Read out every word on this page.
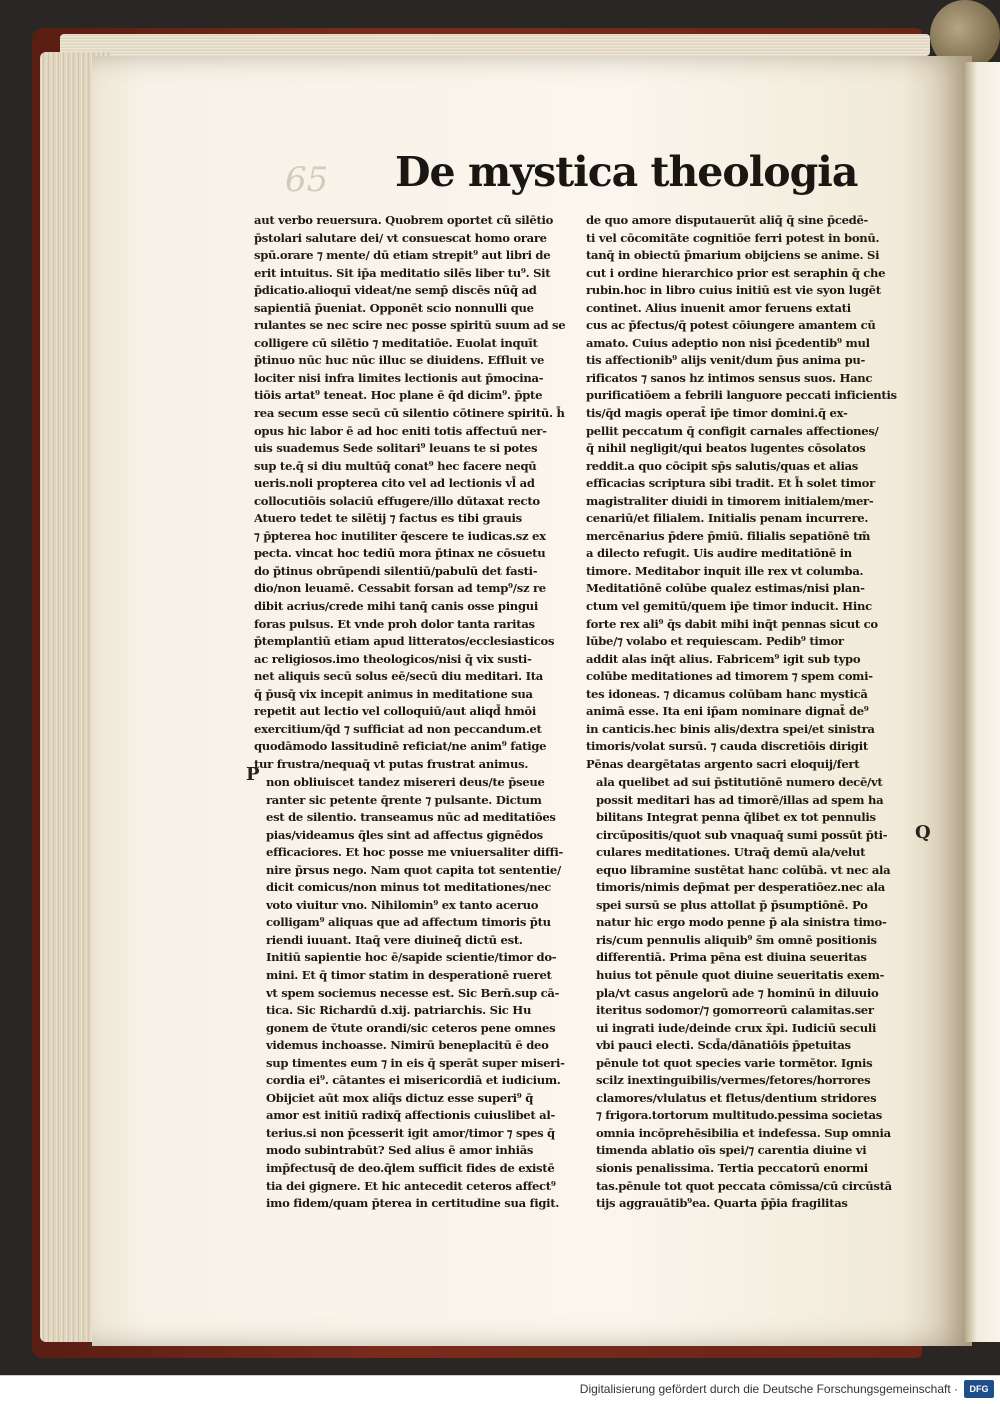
65 De mystica theologia
aut verbo reuersura. Quobrem oportet cũ silētio
p̄stolari salutare dei/ vt consuescat homo orare
spū.orare ⁊ mente/ dū etiam strepit⁹ aut libri de
erit intuitus. Sit ip̄a meditatio silēs liber tu⁹. Sit
p̄dicatio.alioquī videat/ne semp̄ discēs nūq̄ ad
sapientiā p̄ueniat. Opponēt scio nonnulli que
rulantes se nec scire nec posse spiritū suum ad se
colligere cū silētio ⁊ meditatiōe. Euolat inquīt
p̄tinuo nūc huc nūc illuc se diuidens. Effluit ve
lociter nisi infra limites lectionis aut p̄mocina-
tiōis artat⁹ teneat. Hoc plane ē q̄d dicim⁹. p̄pte
rea secum esse secū cū silentio cōtinere spiritū. h̄
opus hic labor ē ad hoc eniti totis affectuū ner-
uis suademus Sede solitari⁹ leuans te si potes
sup te.q̄ si diu multūq̄ conat⁹ hec facere neqū
ueris.noli propterea cito vel ad lectionis vl̄ ad
collocutiōis solaciū effugere/illo dūtaxat recto
Atuero tedet te silētij ⁊ factus es tibi grauis
⁊ p̄pterea hoc inutiliter q̄escere te iudicas.sz ex
pecta. vincat hoc tediū mora p̄tinax ne cōsuetu
do p̄tinus obrūpendi silentiū/pabulū det fasti-
dio/non leuamē. Cessabit forsan ad temp⁹/sz re
dibit acrius/crede mihi tanq̄ canis osse pingui
foras pulsus. Et vnde proh dolor tanta raritas
p̄templantiū etiam apud litteratos/ecclesiasticos
ac religiosos.imo theologicos/nisi q̄ vix susti-
net aliquis secū solus eē/secū diu meditari. Ita
q̄ p̄usq̄ vix incepit animus in meditatione sua
repetit aut lectio vel colloquiū/aut aliqd̄ hmōi
exercitium/q̄d ⁊ sufficiat ad non peccandum.et
quodāmodo lassitudinē reficiat/ne anim⁹ fatige
tur frustra/nequaq̄ vt putas frustrat animus.
de quo amore disputauerūt aliq̄ q̄ sine p̄cedē-
ti vel cōcomitāte cognitiōe ferri potest in bonū.
tanq̄ in obiectū p̄marium obijciens se anime. Si
cut i ordine hierarchico prior est seraphin q̄ che
rubin.hoc in libro cuius initiū est vie syon lugēt
continet. Alius inuenit amor feruens extati
cus ac p̄fectus/q̄ potest cōiungere amantem cū
amato. Cuius adeptio non nisi p̄cedentib⁹ mul
tis affectionib⁹ alijs venit/dum p̄us anima pu-
rificatos ⁊ sanos hz intimos sensus suos. Hanc
purificatiōem a febrili languore peccati inficientis
tis/q̄d magis operat̄ ip̄e timor domini.q̄ ex-
pellit peccatum q̄ configit carnales affectiones/
q̄ nihil negligit/qui beatos lugentes cōsolatos
reddit.a quo cōcipit sp̄s salutis/quas et alias
efficacias scriptura sibi tradit. Et h̄ solet timor
magistraliter diuidi in timorem initialem/mer-
cenariū/et filialem. Initialis penam incurrere.
mercēnarius p̄dere p̄miū. filialis sepatiōnē tm̄
a dilecto refugit. Uis audire meditatiōnē in
timore. Meditabor inquit ille rex vt columba.
Meditatiōnē colūbe qualez estimas/nisi plan-
ctum vel gemitū/quem ip̄e timor inducit. Hinc
forte rex ali⁹ q̄s dabit mihi inq̄t pennas sicut co
lūbe/⁊ volabo et requiescam. Pedib⁹ timor
addit alas inq̄t alius. Fabricem⁹ igit sub typo
colūbe meditationes ad timorem ⁊ spem comi-
tes idoneas. ⁊ dicamus colūbam hanc mysticā
animā esse. Ita eni ip̄am nominare dignat̄ de⁹
in canticis.hec binis alis/dextra spei/et sinistra
timoris/volat sursū. ⁊ cauda discretiōis dirigit
Pēnas deargētatas argento sacri eloquij/fert
non obliuiscet tandez misereri deus/te p̄seue
ranter sic petente q̄rente ⁊ pulsante. Dictum
est de silentio. transeamus nūc ad meditatiōes
pias/videamus q̄les sint ad affectus gignēdos
efficaciores. Et hoc posse me vniuersaliter diffi-
nire p̄rsus nego. Nam quot capita tot sententie/
dicit comicus/non minus tot meditationes/nec
voto viuitur vno. Nihilomin⁹ ex tanto aceruo
colligam⁹ aliquas que ad affectum timoris p̄tu
riendi iuuant. Itaq̄ vere diuineq̄ dictū est.
Initiū sapientie hoc ē/sapide scientie/timor do-
mini. Et q̄ timor statim in desperationē rueret
vt spem sociemus necesse est. Sic Bern̄.sup cā-
tica. Sic Richardū d.xij. patriarchis. Sic Hu
gonem de v̄tute orandi/sic ceteros pene omnes
videmus inchoasse. Nimirū beneplacitū ē deo
sup timentes eum ⁊ in eis q̄ sperāt super miseri-
cordia ei⁹. cātantes ei misericordiā et iudicium.
Obijciet aūt mox aliq̄s dictuz esse superi⁹ q̄
amor est initiū radixq̄ affectionis cuiuslibet al-
terius.si non p̄cesserit igit amor/timor ⁊ spes q̄
modo subintrabūt? Sed alius ē amor inhiās
imp̄fectusq̄ de deo.q̄lem sufficit fides de existē
tia dei gignere. Et hic antecedit ceteros affect⁹
imo fidem/quam p̄terea in certitudine sua figit.
ala quelibet ad sui p̄stitutiōnē numero decē/vt
possit meditari has ad timorē/illas ad spem ha
bilitans Integrat penna q̄libet ex tot pennulis
circūpositis/quot sub vnaquaq̄ sumi possūt p̄ti-
culares meditationes. Utraq̄ demū ala/velut
equo libramine sustētat hanc colūbā. vt nec ala
timoris/nimis dep̄mat per desperatiōez.nec ala
spei sursū se plus attollat p̄ p̄sumptiōnē. Po
natur hic ergo modo penne p̄ ala sinistra timo-
ris/cum pennulis aliquib⁹ s̄m omnē positionis
differentiā. Prima pēna est diuina seueritas
huius tot pēnule quot diuine seueritatis exem-
pla/vt casus angelorū ade ⁊ hominū in diluuio
iteritus sodomor/⁊ gomorreorū calamitas.ser
ui ingrati iude/deinde crux x̄pi. Iudiciū seculi
vbi pauci electi. Scd̄a/dānatiōis p̄petuitas
pēnule tot quot species varie tormētor. Ignis
scilz inextinguibilis/vermes/fetores/horrores
clamores/vlulatus et fletus/dentium stridores
⁊ frigora.tortorum multitudo.pessima societas
omnia incōprehēsibilia et indefessa. Sup omnia
timenda ablatio oīs spei/⁊ carentia diuine vi
sionis penalissima. Tertia peccatorū enormi
tas.pēnule tot quot peccata cōmissa/cū circūstā
tijs aggrauātib⁹ea. Quarta p̄p̄ia fragilitas
P
Q
Digitalisierung gefördert durch die Deutsche Forschungsgemeinschaft ·	DFG
